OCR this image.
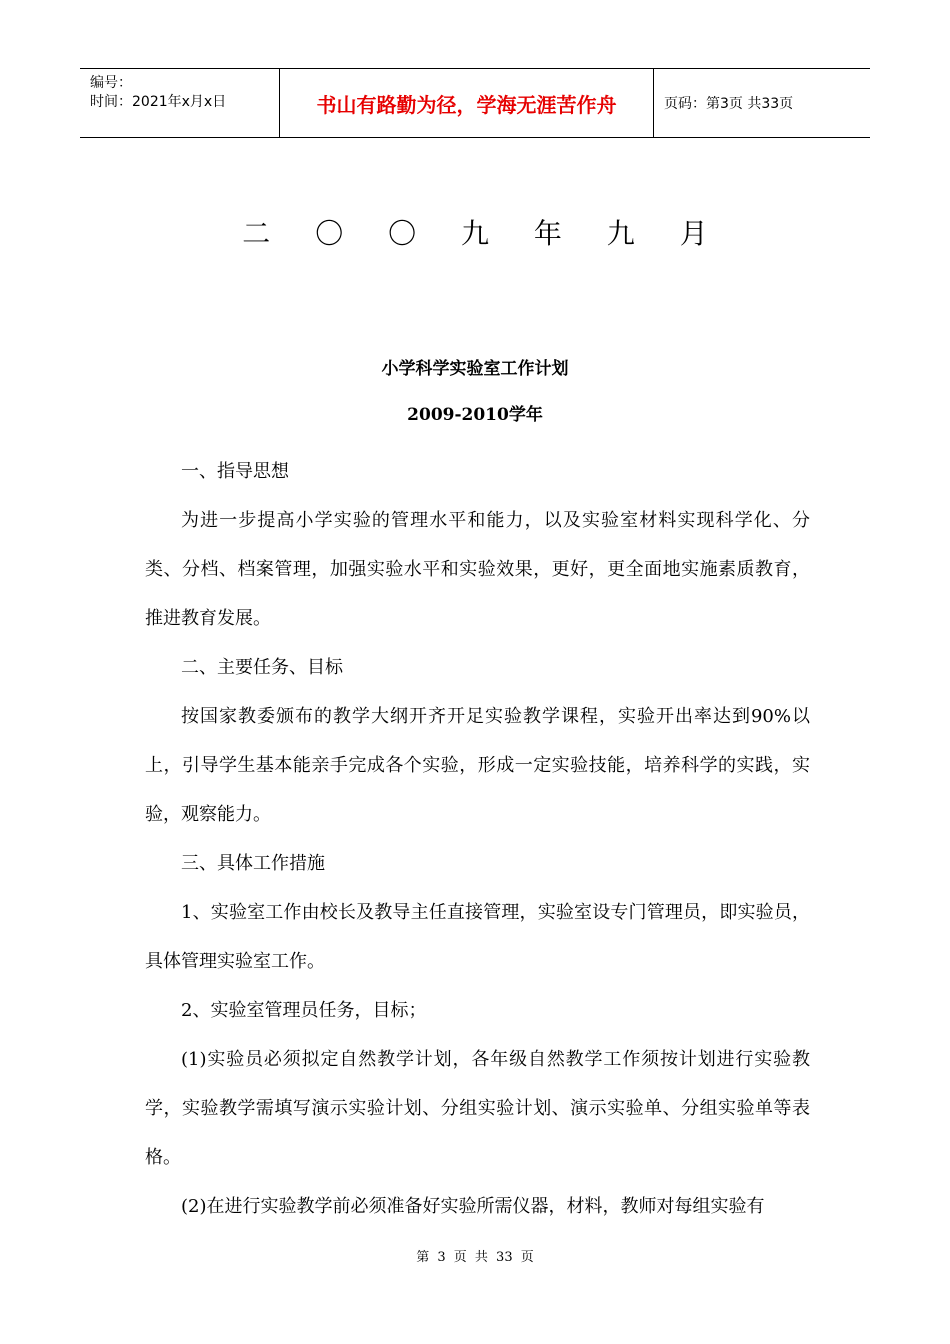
编号：
时间：2021年x月x日	书山有路勤为径，学海无涯苦作舟	页码：第3页 共33页
二 〇 〇 九 年 九 月
小学科学实验室工作计划
2009-2010学年

一、指导思想

为进一步提高小学实验的管理水平和能力，以及实验室材料实现科学化、分类、分档、档案管理，加强实验水平和实验效果，更好，更全面地实施素质教育，推进教育发展。

二、主要任务、目标

按国家教委颁布的教学大纲开齐开足实验教学课程，实验开出率达到90%以上，引导学生基本能亲手完成各个实验，形成一定实验技能，培养科学的实践，实验，观察能力。

三、具体工作措施

1、实验室工作由校长及教导主任直接管理，实验室设专门管理员，即实验员，具体管理实验室工作。

2、实验室管理员任务，目标；

(1)实验员必须拟定自然教学计划，各年级自然教学工作须按计划进行实验教学，实验教学需填写演示实验计划、分组实验计划、演示实验单、分组实验单等表格。

(2)在进行实验教学前必须准备好实验所需仪器，材料，教师对每组实验有

第 3 页 共 33 页
